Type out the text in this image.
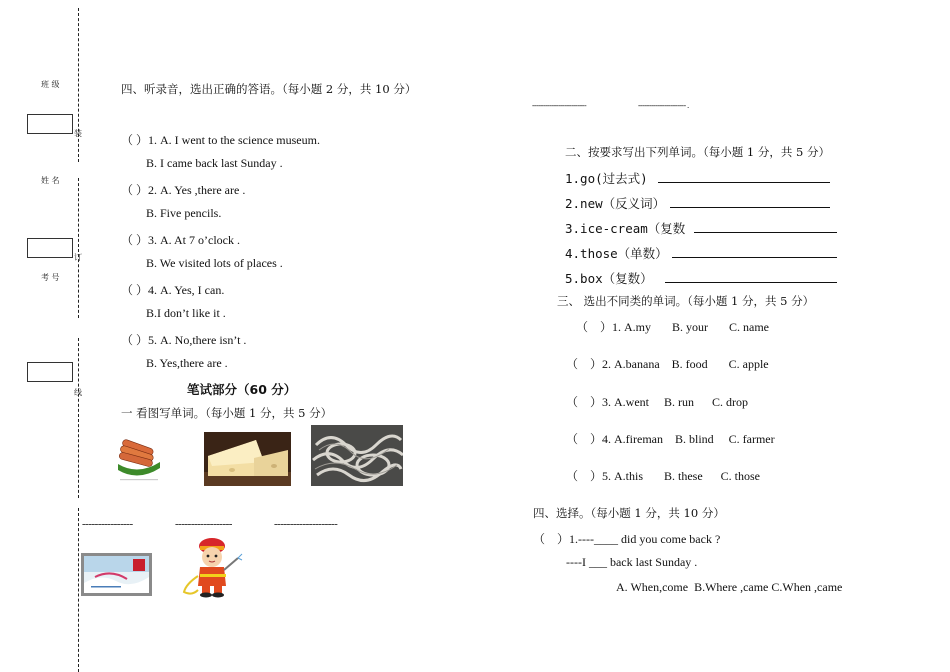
班 级
装
姓 名
订
考 号
线
四、听录音，选出正确的答语。（每小题 2 分，共 10 分）
（ ）1. A. I went to the science museum.
B. I came back last Sunday .
（ ）2. A. Yes ,there are .
B. Five pencils.
（ ）3. A. At 7 o’clock .
B. We visited lots of places .
（ ）4. A. Yes, I can.
B.I don’t like it .
（ ）5. A. No,there isn’t .
B. Yes,there are .
笔试部分（60 分）
一 看图写单词。（每小题 1 分，共 5 分）
----------------	------------------	--------------------
-------------------------	---------------------- .
二、按要求写出下列单词。（每小题 1 分，共 5 分）
1.go(过去式)
2.new（反义词）
3.ice-cream（复数
4.those（单数）
5.box（复数）
三、 选出不同类的单词。（每小题 1 分，共 5 分）
（    ）1. A.my       B. your       C. name
（    ）2. A.banana    B. food       C. apple
（    ）3. A.went     B. run      C. drop
（    ）4. A.fireman    B. blind     C. farmer
（    ）5. A.this       B. these      C. those
四、选择。（每小题 1 分，共 10 分）
（    ）1.----____ did you come back ?
----I ___ back last Sunday .
A. When,come  B.Where ,came C.When ,came
